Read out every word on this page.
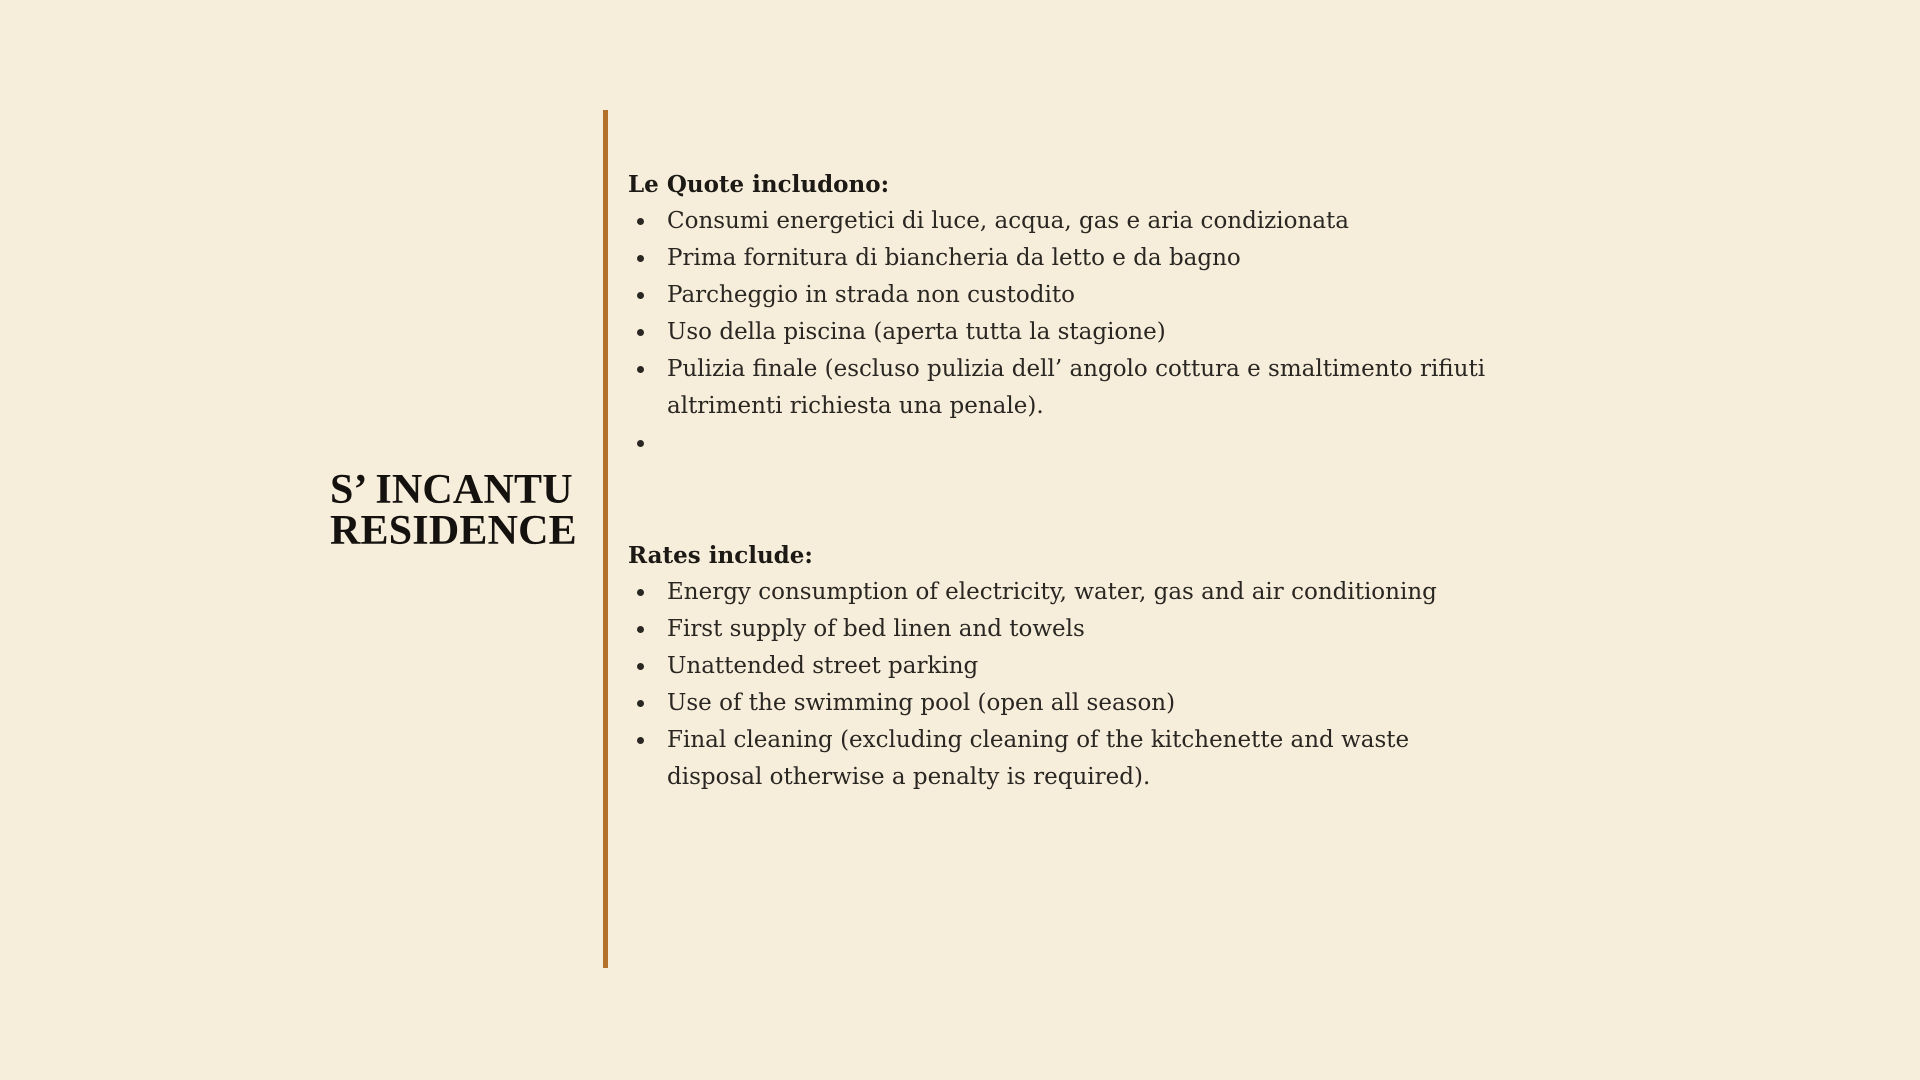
S’ INCANTU
RESIDENCE
Le Quote includono:
Consumi energetici di luce, acqua, gas e aria condizionata
Prima fornitura di biancheria da letto e da bagno
Parcheggio in strada non custodito
Uso della piscina (aperta tutta la stagione)
Pulizia finale (escluso pulizia dell’ angolo cottura e smaltimento rifiuti altrimenti richiesta una penale).
Rates include:
Energy consumption of electricity, water, gas and air conditioning
First supply of bed linen and towels
Unattended street parking
Use of the swimming pool (open all season)
Final cleaning (excluding cleaning of the kitchenette and waste disposal otherwise a penalty is required).
